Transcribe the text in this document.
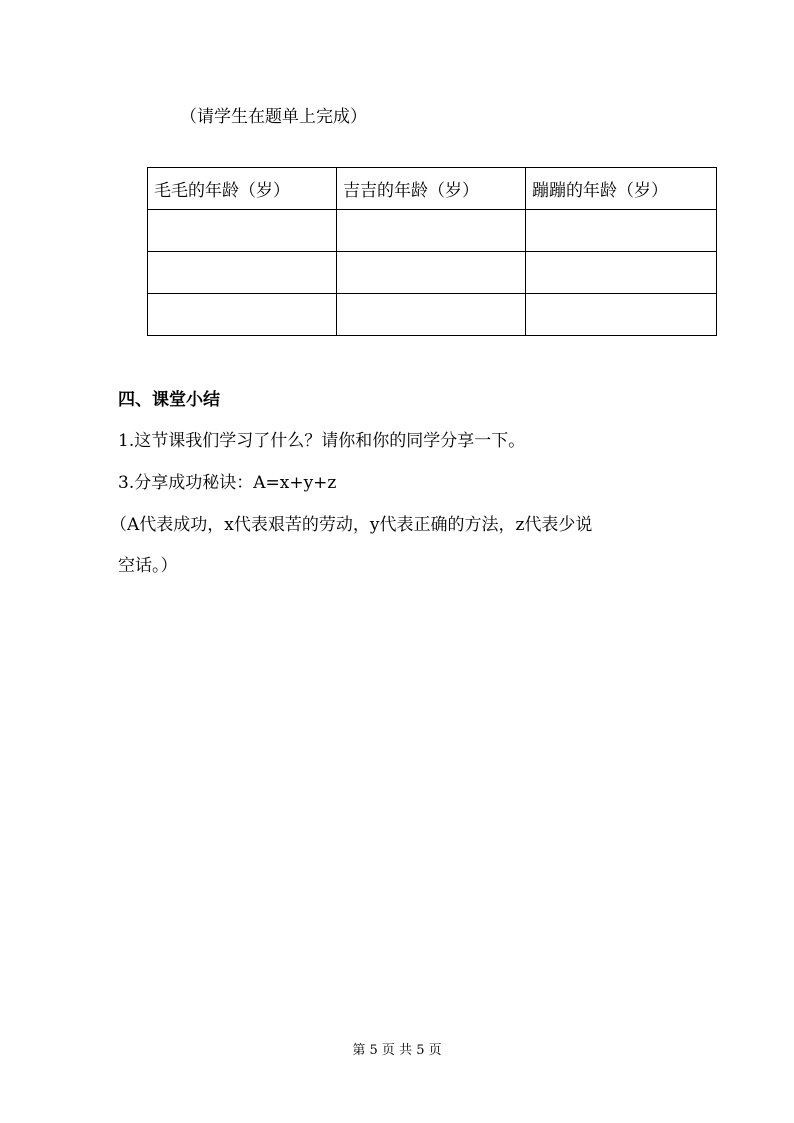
（请学生在题单上完成）
毛毛的年龄（岁）	吉吉的年龄（岁）	蹦蹦的年龄（岁）

四、课堂小结
1.这节课我们学习了什么？请你和你的同学分享一下。
3.分享成功秘诀：A=x+y+z
（A代表成功，x代表艰苦的劳动，y代表正确的方法，z代表少说
空话。）
第 5 页 共 5 页
